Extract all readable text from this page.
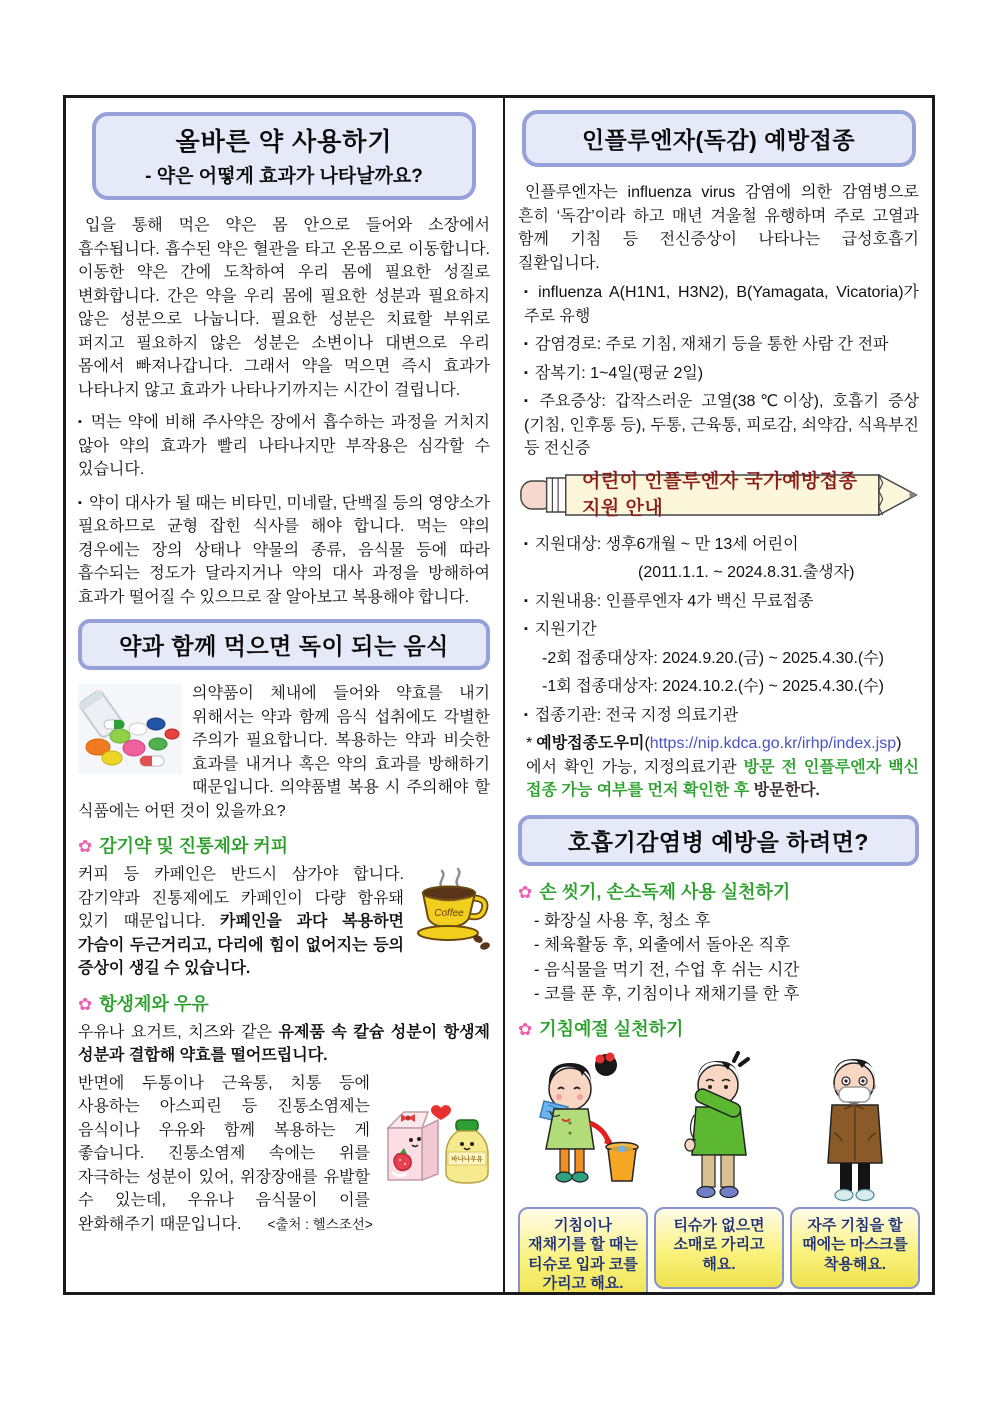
올바른 약 사용하기
- 약은 어떻게 효과가 나타날까요?

입을 통해 먹은 약은 몸 안으로 들어와 소장에서 흡수됩니다. 흡수된 약은 혈관을 타고 온몸으로 이동합니다. 이동한 약은 간에 도착하여 우리 몸에 필요한 성질로 변화합니다. 간은 약을 우리 몸에 필요한 성분과 필요하지 않은 성분으로 나눕니다. 필요한 성분은 치료할 부위로 퍼지고 필요하지 않은 성분은 소변이나 대변으로 우리 몸에서 빠져나갑니다. 그래서 약을 먹으면 즉시 효과가 나타나지 않고 효과가 나타나기까지는 시간이 걸립니다.

▪ 먹는 약에 비해 주사약은 장에서 흡수하는 과정을 거치지 않아 약의 효과가 빨리 나타나지만 부작용은 심각할 수 있습니다.
▪ 약이 대사가 될 때는 비타민, 미네랄, 단백질 등의 영양소가 필요하므로 균형 잡힌 식사를 해야 합니다. 먹는 약의 경우에는 장의 상태나 약물의 종류, 음식물 등에 따라 흡수되는 정도가 달라지거나 약의 대사 과정을 방해하여 효과가 떨어질 수 있으므로 잘 알아보고 복용해야 합니다.
약과 함께 먹으면 독이 되는 음식
의약품이 체내에 들어와 약효를 내기 위해서는 약과 함께 음식 섭취에도 각별한 주의가 필요합니다. 복용하는 약과 비슷한 효과를 내거나 혹은 약의 효과를 방해하기 때문입니다. 의약품별 복용 시 주의해야 할 식품에는 어떤 것이 있을까요?
✿ 감기약 및 진통제와 커피
Coffee
커피 등 카페인은 반드시 삼가야 합니다. 감기약과 진통제에도 카페인이 다량 함유돼 있기 때문입니다. 카페인을 과다 복용하면 가슴이 두근거리고, 다리에 힘이 없어지는 등의 증상이 생길 수 있습니다.
✿ 항생제와 우유

우유나 요거트, 치즈와 같은 유제품 속 칼슘 성분이 항생제 성분과 결합해 약효를 떨어뜨립니다.

바나나우유
반면에 두통이나 근육통, 치통 등에 사용하는 아스피린 등 진통소염제는 음식이나 우유와 함께 복용하는 게 좋습니다. 진통소염제 속에는 위를 자극하는 성분이 있어, 위장장애를 유발할 수 있는데, 우유나 음식물이 이를 완화해주기 때문입니다. <출처 : 헬스조선>
인플루엔자(독감) 예방접종

인플루엔자는 influenza virus 감염에 의한 감염병으로 흔히 ‘독감’이라 하고 매년 겨울철 유행하며 주로 고열과 함께 기침 등 전신증상이 나타나는 급성호흡기 질환입니다.

▪ influenza A(H1N1, H3N2), B(Yamagata, Vicatoria)가 주로 유행
▪ 감염경로: 주로 기침, 재채기 등을 통한 사람 간 전파
▪ 잠복기: 1~4일(평균 2일)
▪ 주요증상: 갑작스러운 고열(38℃이상), 호흡기 증상 (기침, 인후통 등), 두통, 근육통, 피로감, 쇠약감, 식욕부진 등 전신증
어린이 인플루엔자 국가예방접종 지원 안내
▪ 지원대상: 생후6개월 ~ 만 13세 어린이
(2011.1.1. ~ 2024.8.31.출생자)
▪ 지원내용: 인플루엔자 4가 백신 무료접종
▪ 지원기간
-2회 접종대상자: 2024.9.20.(금) ~ 2025.4.30.(수)
-1회 접종대상자: 2024.10.2.(수) ~ 2025.4.30.(수)
▪ 접종기관: 전국 지정 의료기관
* 예방접종도우미(https://nip.kdca.go.kr/irhp/index.jsp)에서 확인 가능, 지정의료기관 방문 전 인플루엔자 백신 접종 가능 여부를 먼저 확인한 후 방문한다.
호흡기감염병 예방을 하려면?
✿ 손 씻기, 손소독제 사용 실천하기
- 화장실 사용 후, 청소 후
- 체육활동 후, 외출에서 돌아온 직후
- 음식물을 먹기 전, 수업 후 쉬는 시간
- 코를 푼 후, 기침이나 재채기를 한 후
✿ 기침예절 실천하기
기침이나 재채기를 할 때는 티슈로 입과 코를 가리고 해요.
티슈가 없으면 소매로 가리고 해요.
자주 기침을 할 때에는 마스크를 착용해요.
